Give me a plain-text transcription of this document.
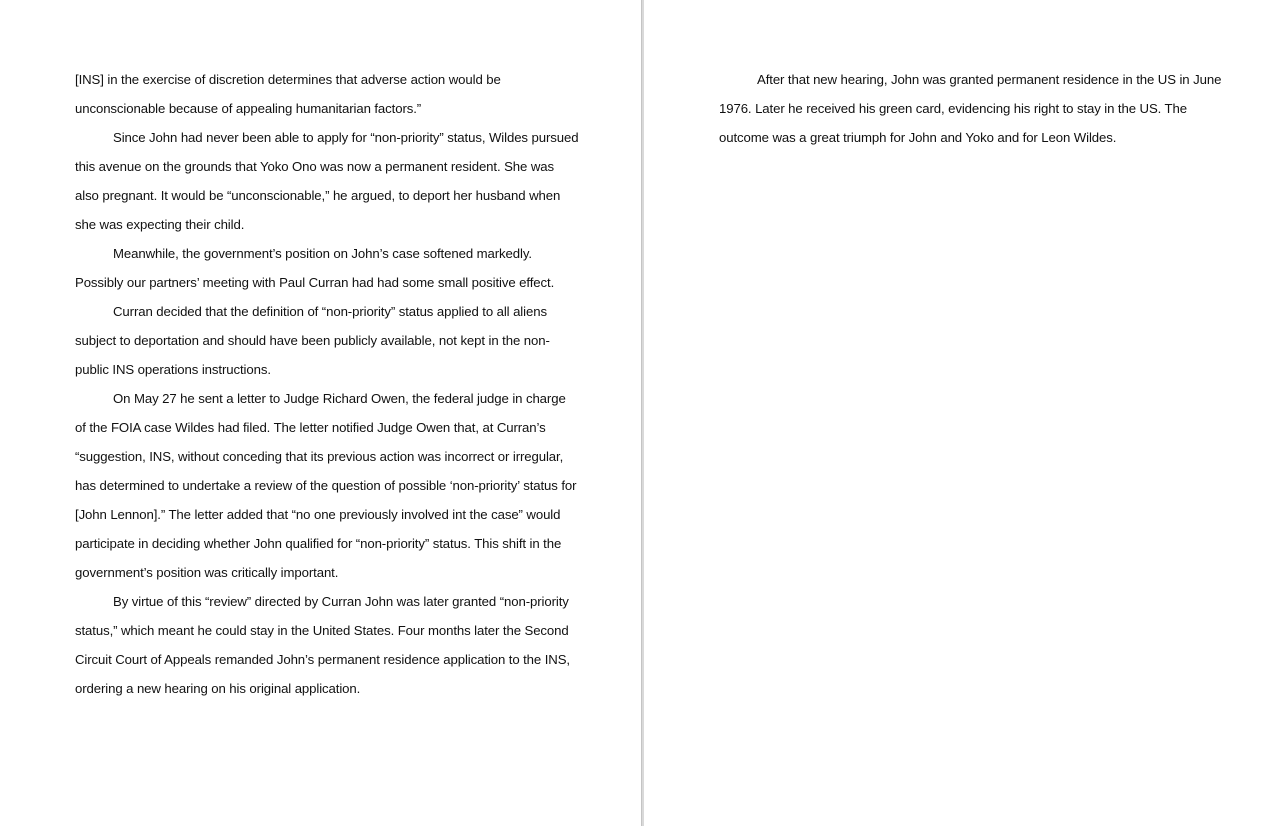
[INS] in the exercise of discretion determines that adverse action would be
unconscionable because of appealing humanitarian factors.”
Since John had never been able to apply for “non-priority” status, Wildes pursued
this avenue on the grounds that Yoko Ono was now a permanent resident. She was
also pregnant. It would be “unconscionable,” he argued, to deport her husband when
she was expecting their child.
Meanwhile, the government’s position on John’s case softened markedly.
Possibly our partners’ meeting with Paul Curran had had some small positive effect.
Curran decided that the definition of “non-priority” status applied to all aliens
subject to deportation and should have been publicly available, not kept in the non-
public INS operations instructions.
On May 27 he sent a letter to Judge Richard Owen, the federal judge in charge
of the FOIA case Wildes had filed. The letter notified Judge Owen that, at Curran’s
“suggestion, INS, without conceding that its previous action was incorrect or irregular,
has determined to undertake a review of the question of possible ‘non-priority’ status for
[John Lennon].” The letter added that “no one previously involved int the case” would
participate in deciding whether John qualified for “non-priority” status. This shift in the
government’s position was critically important.
By virtue of this “review” directed by Curran John was later granted “non-priority
status,” which meant he could stay in the United States. Four months later the Second
Circuit Court of Appeals remanded John’s permanent residence application to the INS,
ordering a new hearing on his original application.
After that new hearing, John was granted permanent residence in the US in June
1976. Later he received his green card, evidencing his right to stay in the US. The
outcome was a great triumph for John and Yoko and for Leon Wildes.
